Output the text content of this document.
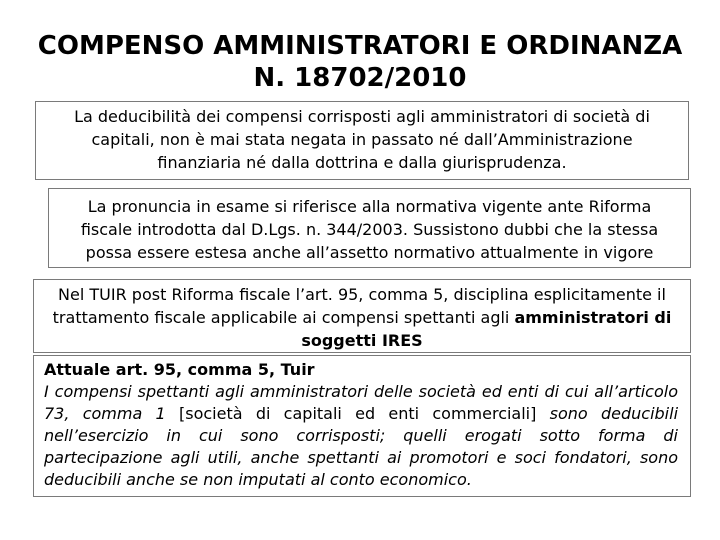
COMPENSO AMMINISTRATORI E ORDINANZA
N. 18702/2010
La deducibilità dei compensi corrisposti agli amministratori di società di
capitali, non è mai stata negata in passato né dall’Amministrazione
finanziaria né dalla dottrina e dalla giurisprudenza.
La pronuncia in esame si riferisce alla normativa vigente ante Riforma
fiscale introdotta dal D.Lgs. n. 344/2003. Sussistono dubbi che la stessa
possa essere estesa anche all’assetto normativo attualmente in vigore
Nel TUIR post Riforma fiscale l’art. 95, comma 5, disciplina esplicitamente il
trattamento fiscale applicabile ai compensi spettanti agli amministratori di
soggetti IRES
Attuale art. 95, comma 5, Tuir
I compensi spettanti agli amministratori delle società ed enti di cui all’articolo 73, comma 1 [società di capitali ed enti commerciali] sono deducibili nell’esercizio in cui sono corrisposti; quelli erogati sotto forma di partecipazione agli utili, anche spettanti ai promotori e soci fondatori, sono deducibili anche se non imputati al conto economico.
